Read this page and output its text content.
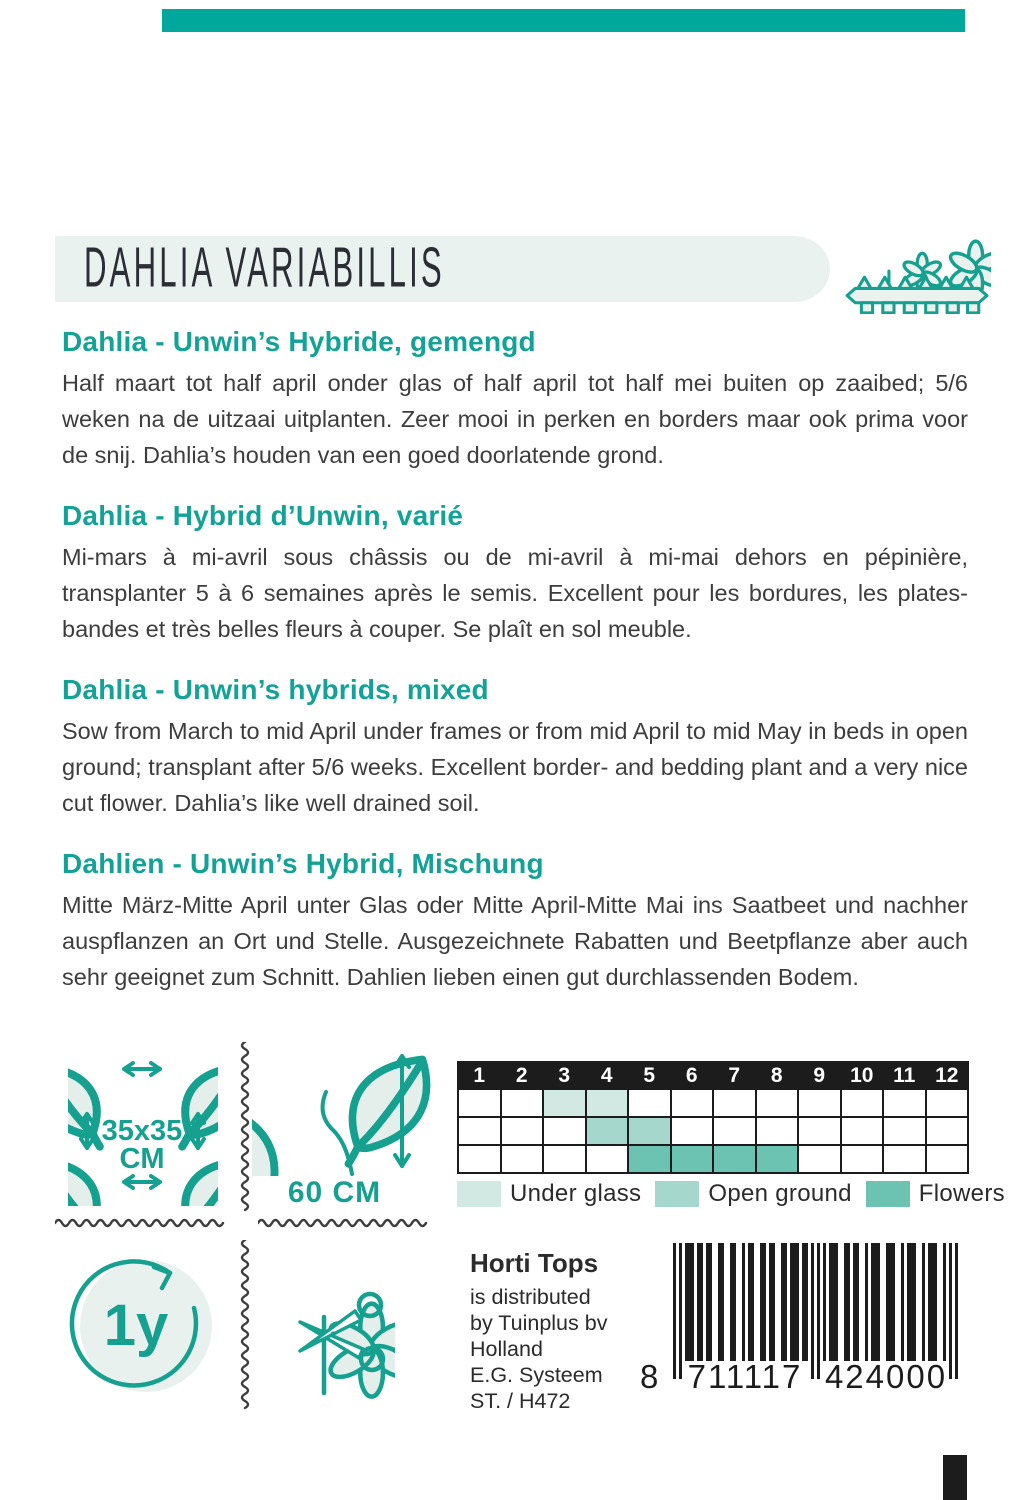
DAHLIA VARIABILLIS
Dahlia - Unwin’s Hybride, gemengd

Half maart tot half april onder glas of half april tot half mei buiten op zaaibed; 5/6 weken na de uitzaai uitplanten. Zeer mooi in perken en borders maar ook prima voor de snij. Dahlia’s houden van een goed doorlatende grond.

Dahlia - Hybrid d’Unwin, varié

Mi-mars à mi-avril sous châssis ou de mi-avril à mi-mai dehors en pépinière, transplanter 5 à 6 semaines après le semis. Excellent pour les bordures, les plates-bandes et très belles fleurs à couper. Se plaît en sol meuble.

Dahlia - Unwin’s hybrids, mixed

Sow from March to mid April under frames or from mid April to mid May in beds in open ground; transplant after 5/6 weeks. Excellent border- and bedding plant and a very nice cut flower. Dahlia’s like well drained soil.

Dahlien - Unwin’s Hybrid, Mischung

Mitte März-Mitte April unter Glas oder Mitte April-Mitte Mai ins Saatbeet und nachher auspflanzen an Ort und Stelle. Ausgezeichnete Rabatten und Beetpflanze aber auch sehr geeignet zum Schnitt. Dahlien lieben einen gut durchlassenden Bodem.

35x35
CM
60 CM
1	2	3	4	5	6	7	8	9	10	11	12

Under glass	Open ground	Flowers
1y
Horti Tops
is distributed
by Tuinplus bv
Holland
E.G. Systeem
ST. / H472
8 711117 424000
